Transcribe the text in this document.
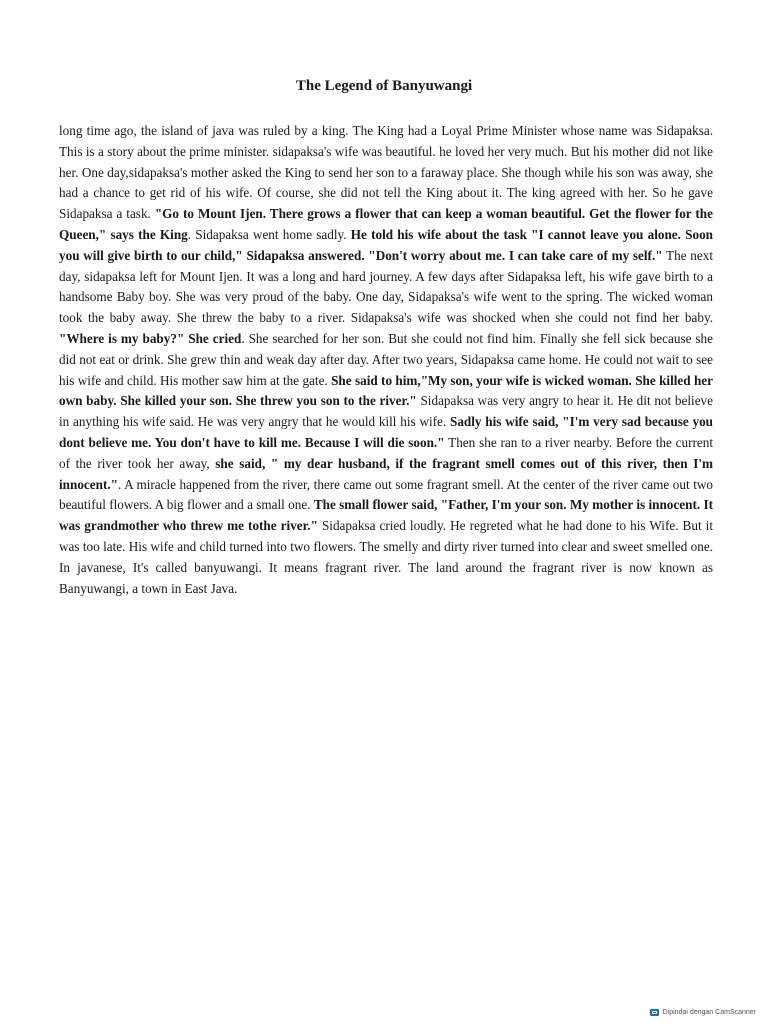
The Legend of Banyuwangi

long time ago, the island of java was ruled by a king. The King had a Loyal Prime Minister whose name was Sidapaksa. This is a story about the prime minister. sidapaksa's wife was beautiful. he loved her very much. But his mother did not like her. One day,sidapaksa's mother asked the King to send her son to a faraway place. She though while his son was away, she had a chance to get rid of his wife. Of course, she did not tell the King about it. The king agreed with her. So he gave Sidapaksa a task. "Go to Mount Ijen. There grows a flower that can keep a woman beautiful. Get the flower for the Queen," says the King. Sidapaksa went home sadly. He told his wife about the task "I cannot leave you alone. Soon you will give birth to our child," Sidapaksa answered. "Don't worry about me. I can take care of my self." The next day, sidapaksa left for Mount Ijen. It was a long and hard journey. A few days after Sidapaksa left, his wife gave birth to a handsome Baby boy. She was very proud of the baby. One day, Sidapaksa's wife went to the spring. The wicked woman took the baby away. She threw the baby to a river. Sidapaksa's wife was shocked when she could not find her baby. "Where is my baby?" She cried. She searched for her son. But she could not find him. Finally she fell sick because she did not eat or drink. She grew thin and weak day after day. After two years, Sidapaksa came home. He could not wait to see his wife and child. His mother saw him at the gate. She said to him,"My son, your wife is wicked woman. She killed her own baby. She killed your son. She threw you son to the river." Sidapaksa was very angry to hear it. He dit not believe in anything his wife said. He was very angry that he would kill his wife. Sadly his wife said, "I'm very sad because you dont believe me. You don't have to kill me. Because I will die soon." Then she ran to a river nearby. Before the current of the river took her away, she said, " my dear husband, if the fragrant smell comes out of this river, then I'm innocent.". A miracle happened from the river, there came out some fragrant smell. At the center of the river came out two beautiful flowers. A big flower and a small one. The small flower said, "Father, I'm your son. My mother is innocent. It was grandmother who threw me tothe river." Sidapaksa cried loudly. He regreted what he had done to his Wife. But it was too late. His wife and child turned into two flowers. The smelly and dirty river turned into clear and sweet smelled one. In javanese, It's called banyuwangi. It means fragrant river. The land around the fragrant river is now known as Banyuwangi, a town in East Java.

Dipindai dengan CamScanner
